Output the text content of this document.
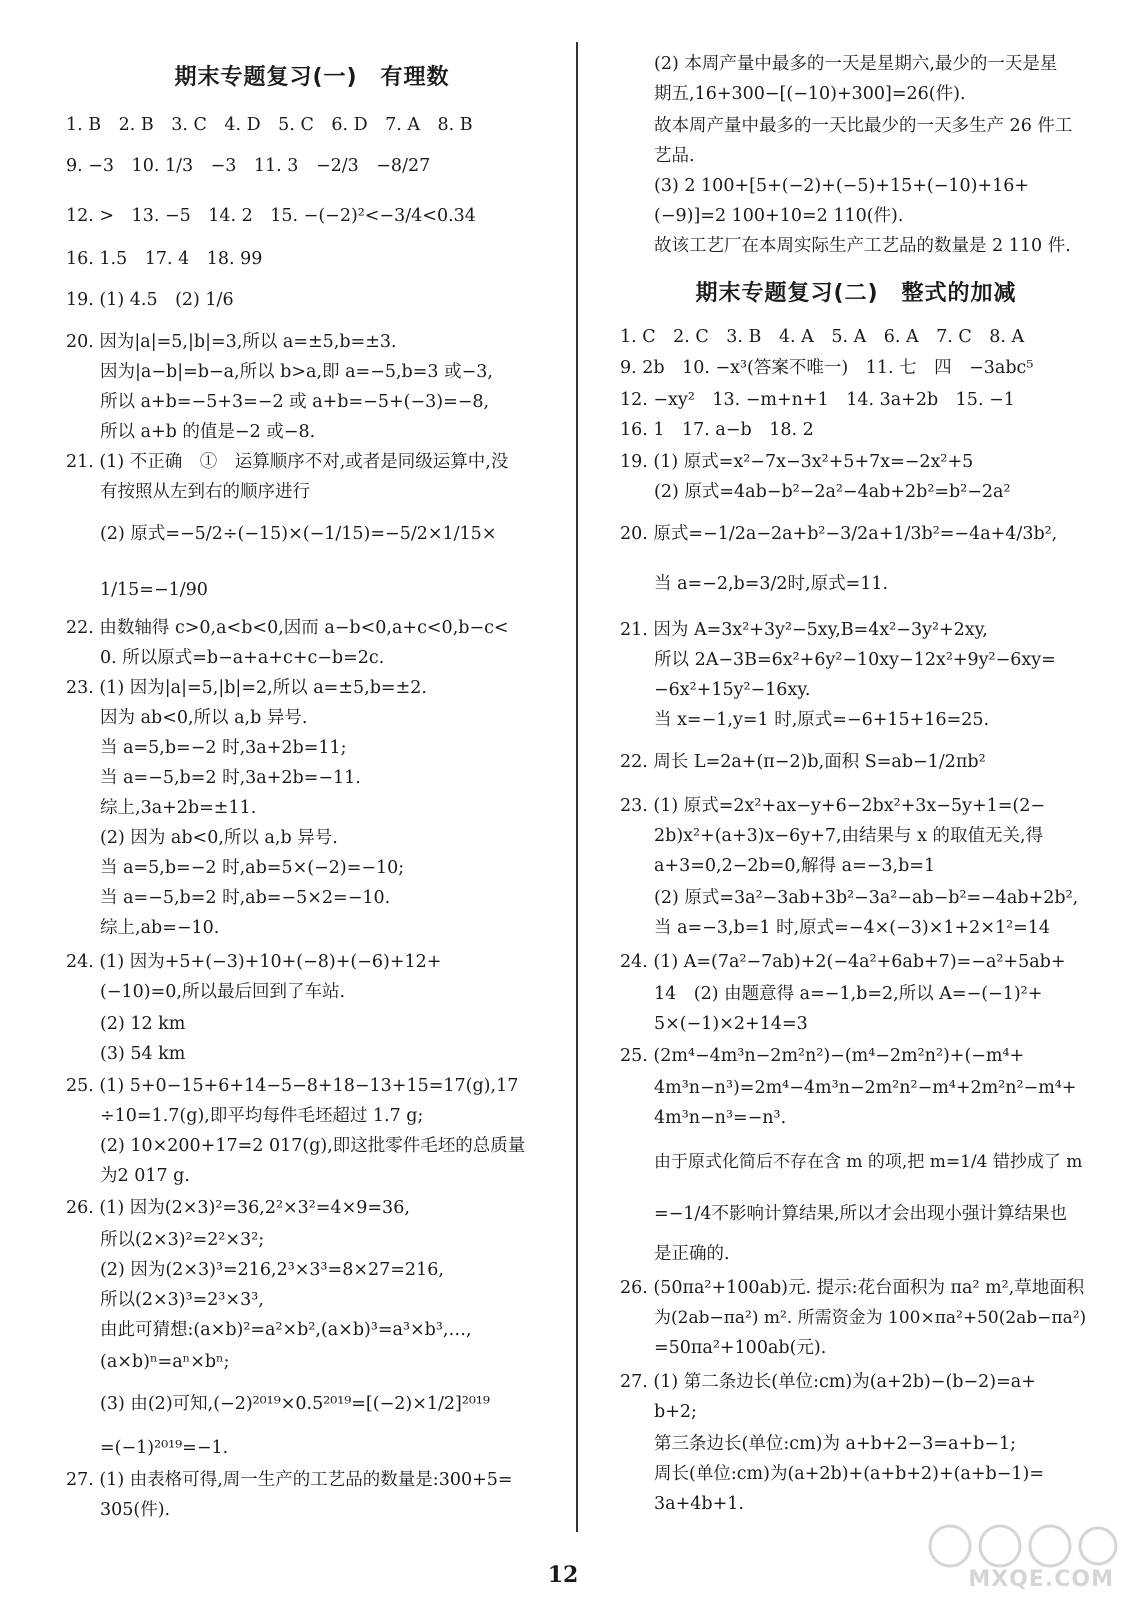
期末专题复习(一)　有理数
1. B　2. B　3. C　4. D　5. C　6. D　7. A　8. B
9. −3　10. 1/3　−3　11. 3　−2/3　−8/27
12. >　13. −5　14. 2　15. −(−2)²<−3/4<0.34
16. 1.5　17. 4　18. 99
19. (1) 4.5　(2) 1/6
20. 因为|a|=5,|b|=3,所以 a=±5,b=±3.
因为|a−b|=b−a,所以 b>a,即 a=−5,b=3 或−3,
所以 a+b=−5+3=−2 或 a+b=−5+(−3)=−8,
所以 a+b 的值是−2 或−8.
21. (1) 不正确　①　运算顺序不对,或者是同级运算中,没
有按照从左到右的顺序进行
(2) 原式=−5/2÷(−15)×(−1/15)=−5/2×1/15×
1/15=−1/90
22. 由数轴得 c>0,a<b<0,因而 a−b<0,a+c<0,b−c<
0. 所以原式=b−a+a+c+c−b=2c.
23. (1) 因为|a|=5,|b|=2,所以 a=±5,b=±2.
因为 ab<0,所以 a,b 异号.
当 a=5,b=−2 时,3a+2b=11;
当 a=−5,b=2 时,3a+2b=−11.
综上,3a+2b=±11.
(2) 因为 ab<0,所以 a,b 异号.
当 a=5,b=−2 时,ab=5×(−2)=−10;
当 a=−5,b=2 时,ab=−5×2=−10.
综上,ab=−10.
24. (1) 因为+5+(−3)+10+(−8)+(−6)+12+
(−10)=0,所以最后回到了车站.
(2) 12 km
(3) 54 km
25. (1) 5+0−15+6+14−5−8+18−13+15=17(g),17
÷10=1.7(g),即平均每件毛坯超过 1.7 g;
(2) 10×200+17=2 017(g),即这批零件毛坯的总质量
为2 017 g.
26. (1) 因为(2×3)²=36,2²×3²=4×9=36,
所以(2×3)²=2²×3²;
(2) 因为(2×3)³=216,2³×3³=8×27=216,
所以(2×3)³=2³×3³,
由此可猜想:(a×b)²=a²×b²,(a×b)³=a³×b³,…,
(a×b)ⁿ=aⁿ×bⁿ;
(3) 由(2)可知,(−2)²⁰¹⁹×0.5²⁰¹⁹=[(−2)×1/2]²⁰¹⁹
=(−1)²⁰¹⁹=−1.
27. (1) 由表格可得,周一生产的工艺品的数量是:300+5=
305(件).
(2) 本周产量中最多的一天是星期六,最少的一天是星
期五,16+300−[(−10)+300]=26(件).
故本周产量中最多的一天比最少的一天多生产 26 件工
艺品.
(3) 2 100+[5+(−2)+(−5)+15+(−10)+16+
(−9)]=2 100+10=2 110(件).
故该工艺厂在本周实际生产工艺品的数量是 2 110 件.
期末专题复习(二)　整式的加减
1. C　2. C　3. B　4. A　5. A　6. A　7. C　8. A
9. 2b　10. −x³(答案不唯一)　11. 七　四　−3abc⁵
12. −xy²　13. −m+n+1　14. 3a+2b　15. −1
16. 1　17. a−b　18. 2
19. (1) 原式=x²−7x−3x²+5+7x=−2x²+5
(2) 原式=4ab−b²−2a²−4ab+2b²=b²−2a²
20. 原式=−1/2a−2a+b²−3/2a+1/3b²=−4a+4/3b²,
当 a=−2,b=3/2时,原式=11.
21. 因为 A=3x²+3y²−5xy,B=4x²−3y²+2xy,
所以 2A−3B=6x²+6y²−10xy−12x²+9y²−6xy=
−6x²+15y²−16xy.
当 x=−1,y=1 时,原式=−6+15+16=25.
22. 周长 L=2a+(π−2)b,面积 S=ab−1/2πb²
23. (1) 原式=2x²+ax−y+6−2bx²+3x−5y+1=(2−
2b)x²+(a+3)x−6y+7,由结果与 x 的取值无关,得
a+3=0,2−2b=0,解得 a=−3,b=1
(2) 原式=3a²−3ab+3b²−3a²−ab−b²=−4ab+2b²,
当 a=−3,b=1 时,原式=−4×(−3)×1+2×1²=14
24. (1) A=(7a²−7ab)+2(−4a²+6ab+7)=−a²+5ab+
14　(2) 由题意得 a=−1,b=2,所以 A=−(−1)²+
5×(−1)×2+14=3
25. (2m⁴−4m³n−2m²n²)−(m⁴−2m²n²)+(−m⁴+
4m³n−n³)=2m⁴−4m³n−2m²n²−m⁴+2m²n²−m⁴+
4m³n−n³=−n³.
由于原式化简后不存在含 m 的项,把 m=1/4 错抄成了 m
=−1/4不影响计算结果,所以才会出现小强计算结果也
是正确的.
26. (50πa²+100ab)元. 提示:花台面积为 πa² m²,草地面积
为(2ab−πa²) m². 所需资金为 100×πa²+50(2ab−πa²)
=50πa²+100ab(元).
27. (1) 第二条边长(单位:cm)为(a+2b)−(b−2)=a+
b+2;
第三条边长(单位:cm)为 a+b+2−3=a+b−1;
周长(单位:cm)为(a+2b)+(a+b+2)+(a+b−1)=
3a+4b+1.
12	MXQE.COM
